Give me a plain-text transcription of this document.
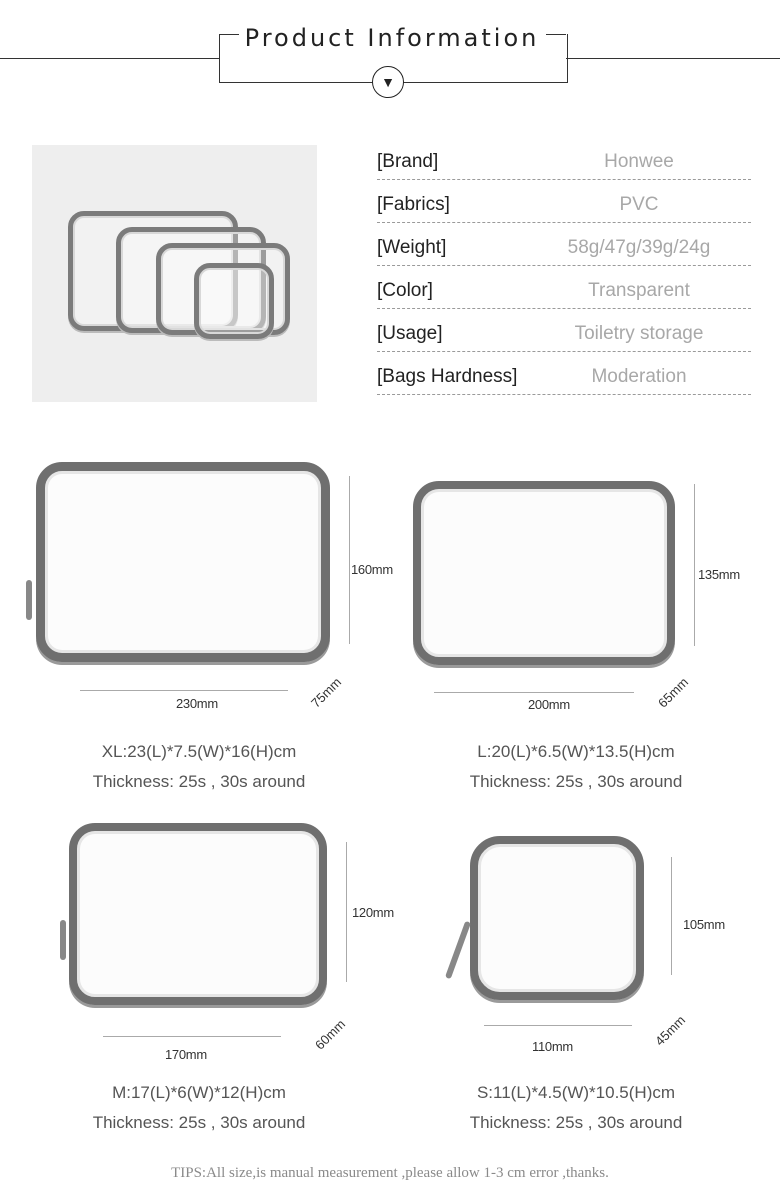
Product Information
▼
[Brand]	Honwee
[Fabrics]	PVC
[Weight]	58g/47g/39g/24g
[Color]	Transparent
[Usage]	Toiletry storage
[Bags Hardness]	Moderation
160mm
230mm	75mm
XL:23(L)*7.5(W)*16(H)cm
Thickness: 25s , 30s around
135mm
200mm	65mm
L:20(L)*6.5(W)*13.5(H)cm
Thickness: 25s , 30s around
120mm
170mm
60mm
M:17(L)*6(W)*12(H)cm
Thickness: 25s , 30s around
105mm
110mm	45mm
S:11(L)*4.5(W)*10.5(H)cm
Thickness: 25s , 30s around
TIPS:All size,is manual measurement ,please allow 1-3 cm error ,thanks.
